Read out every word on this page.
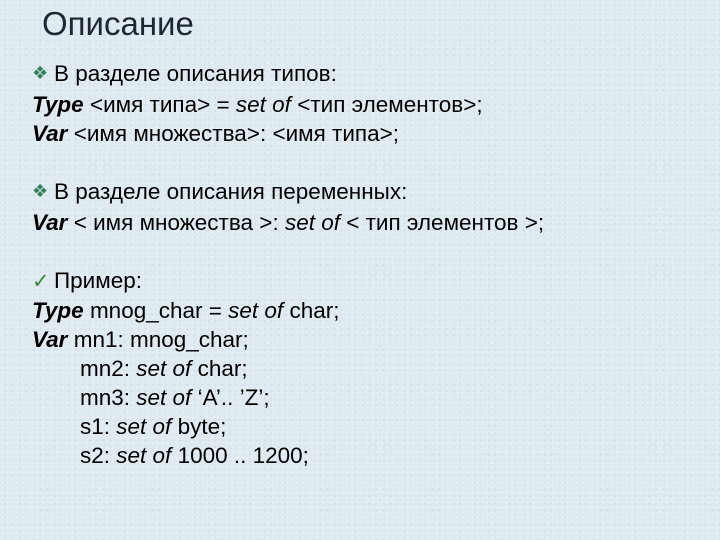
Описание
❖ В разделе описания типов:
Type <имя типа> = set of <тип элементов>;
Var <имя множества>: <имя типа>;
❖ В разделе описания переменных:
Var < имя множества >: set of < тип элементов >;
✓ Пример:
Type mnog_char = set of char;
Var mn1: mnog_char;
mn2: set of char;
mn3: set of ‘A’.. ’Z’;
s1: set of byte;
s2: set of 1000 .. 1200;
